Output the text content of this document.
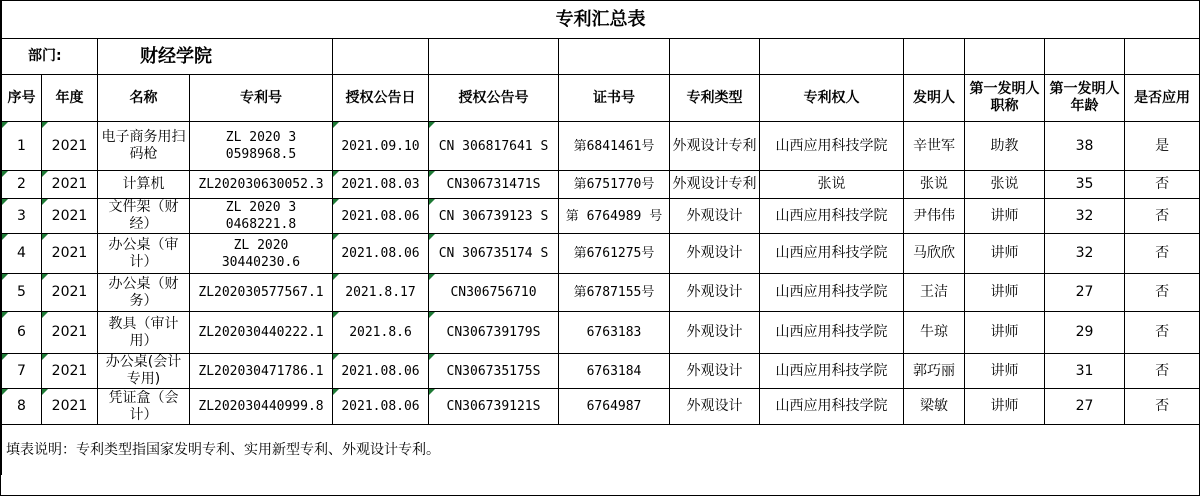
专利汇总表												
部门:		财经学院										
序号	年度	名称	专利号	授权公告日	授权公告号	证书号	专利类型	专利权人	发明人	第一发明人职称	第一发明人年龄	是否应用
1	2021	电子商务用扫码枪	ZL 2020 3 0598968.5	2021.09.10	CN 306817641 S	第6841461号	外观设计专利	山西应用科技学院	辛世军	助教	38	是
2	2021	计算机	ZL202030630052.3	2021.08.03	CN306731471S	第6751770号	外观设计专利	张说	张说	张说	35	否
3	2021	文件架（财经）	ZL 2020 3 0468221.8	2021.08.06	CN 306739123 S	第 6764989 号	外观设计	山西应用科技学院	尹伟伟	讲师	32	否
4	2021	办公桌（审计）	ZL 2020 30440230.6	2021.08.06	CN 306735174 S	第6761275号	外观设计	山西应用科技学院	马欣欣	讲师	32	否
5	2021	办公桌（财务）	ZL202030577567.1	2021.8.17	CN306756710	第6787155号	外观设计	山西应用科技学院	王洁	讲师	27	否
6	2021	教具（审计用）	ZL202030440222.1	2021.8.6	CN306739179S	6763183	外观设计	山西应用科技学院	牛琼	讲师	29	否
7	2021	办公桌(会计专用)	ZL202030471786.1	2021.08.06	CN306735175S	6763184	外观设计	山西应用科技学院	郭巧丽	讲师	31	否
8	2021	凭证盒（会计）	ZL202030440999.8	2021.08.06	CN306739121S	6764987	外观设计	山西应用科技学院	梁敏	讲师	27	否
填表说明：专利类型指国家发明专利、实用新型专利、外观设计专利。												
